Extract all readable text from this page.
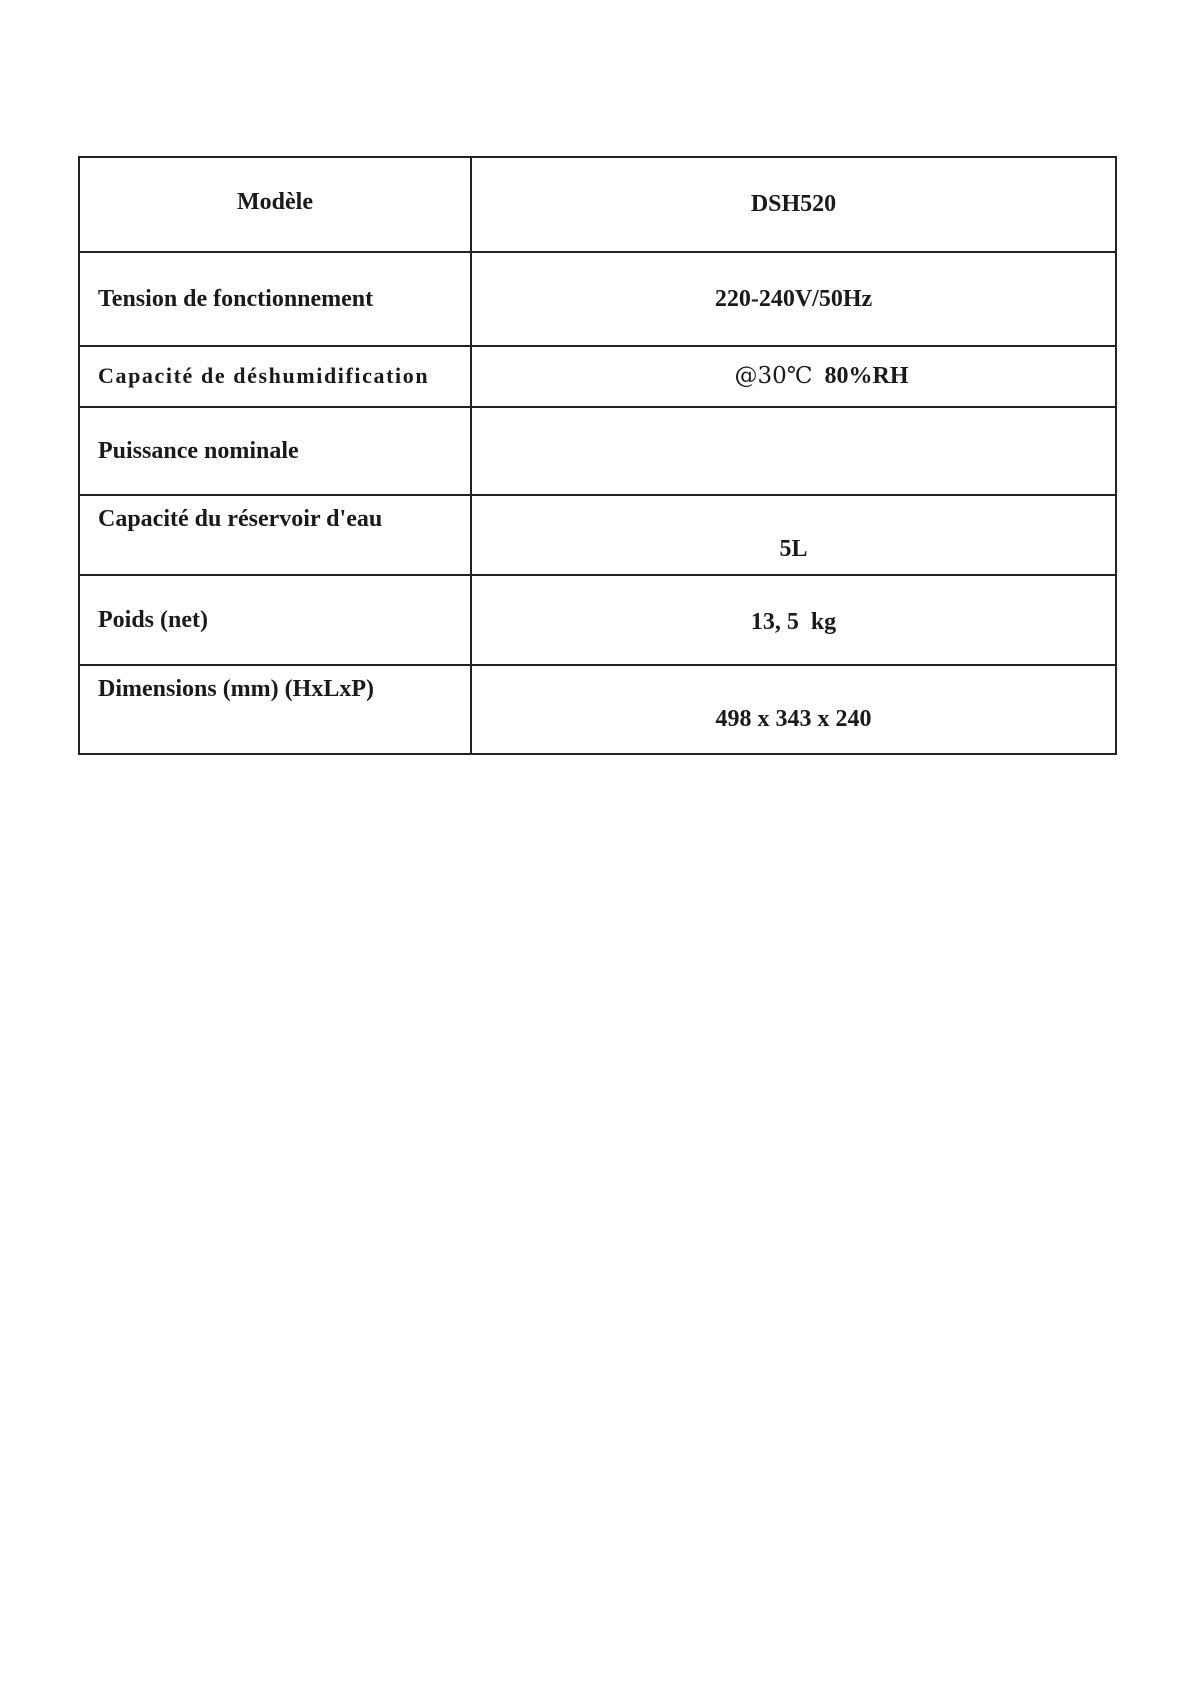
Modèle	DSH520
Tension de fonctionnement	220-240V/50Hz
Capacité de déshumidification	@30℃ 80%RH
Puissance nominale	
Capacité du réservoir d'eau	5L
Poids (net)	13, 5  kg
Dimensions (mm) (HxLxP)	498 x 343 x 240
